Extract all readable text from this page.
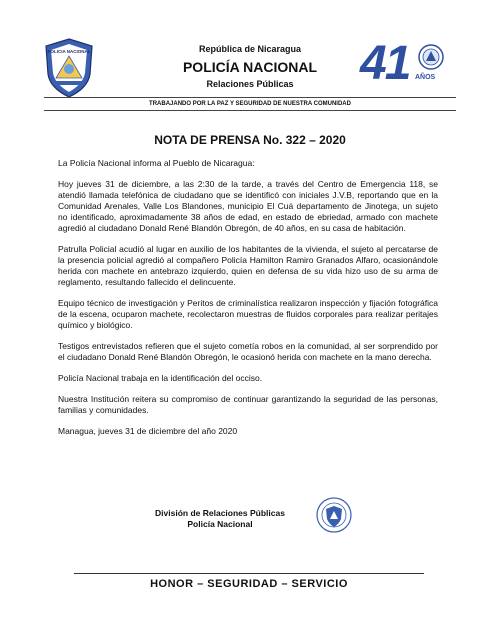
POLICIA NACIONAL	República de Nicaragua
POLICÍA NACIONAL
Relaciones Públicas	41 AÑOS
TRABAJANDO POR LA PAZ Y SEGURIDAD DE NUESTRA COMUNIDAD
NOTA DE PRENSA No. 322 – 2020

La Policía Nacional informa al Pueblo de Nicaragua:

Hoy jueves 31 de diciembre, a las 2:30 de la tarde, a través del Centro de Emergencia 118, se atendió llamada telefónica de ciudadano que se identificó con iniciales J.V.B, reportando que en la Comunidad Arenales, Valle Los Blandones, municipio El Cuá departamento de Jinotega, un sujeto no identificado, aproximadamente 38 años de edad, en estado de ebriedad, armado con machete agredió al ciudadano Donald René Blandón Obregón, de 40 años, en su casa de habitación.

Patrulla Policial acudió al lugar en auxilio de los habitantes de la vivienda, el sujeto al percatarse de la presencia policial agredió al compañero Policía Hamilton Ramiro Granados Alfaro, ocasionándole herida con machete en antebrazo izquierdo, quien en defensa de su vida hizo uso de su arma de reglamento, resultando fallecido el delincuente.

Equipo técnico de investigación y Peritos de criminalística realizaron inspección y fijación fotográfica de la escena, ocuparon machete, recolectaron muestras de fluidos corporales para realizar peritajes químico y biológico.

Testigos entrevistados refieren que el sujeto cometía robos en la comunidad, al ser sorprendido por el ciudadano Donald René Blandón Obregón, le ocasionó herida con machete en la mano derecha.

Policía Nacional trabaja en la identificación del occiso.

Nuestra Institución reitera su compromiso de continuar garantizando la seguridad de las personas, familias y comunidades.

Managua, jueves 31 de diciembre del año 2020

División de Relaciones Públicas
Policía Nacional
HONOR – SEGURIDAD – SERVICIO
